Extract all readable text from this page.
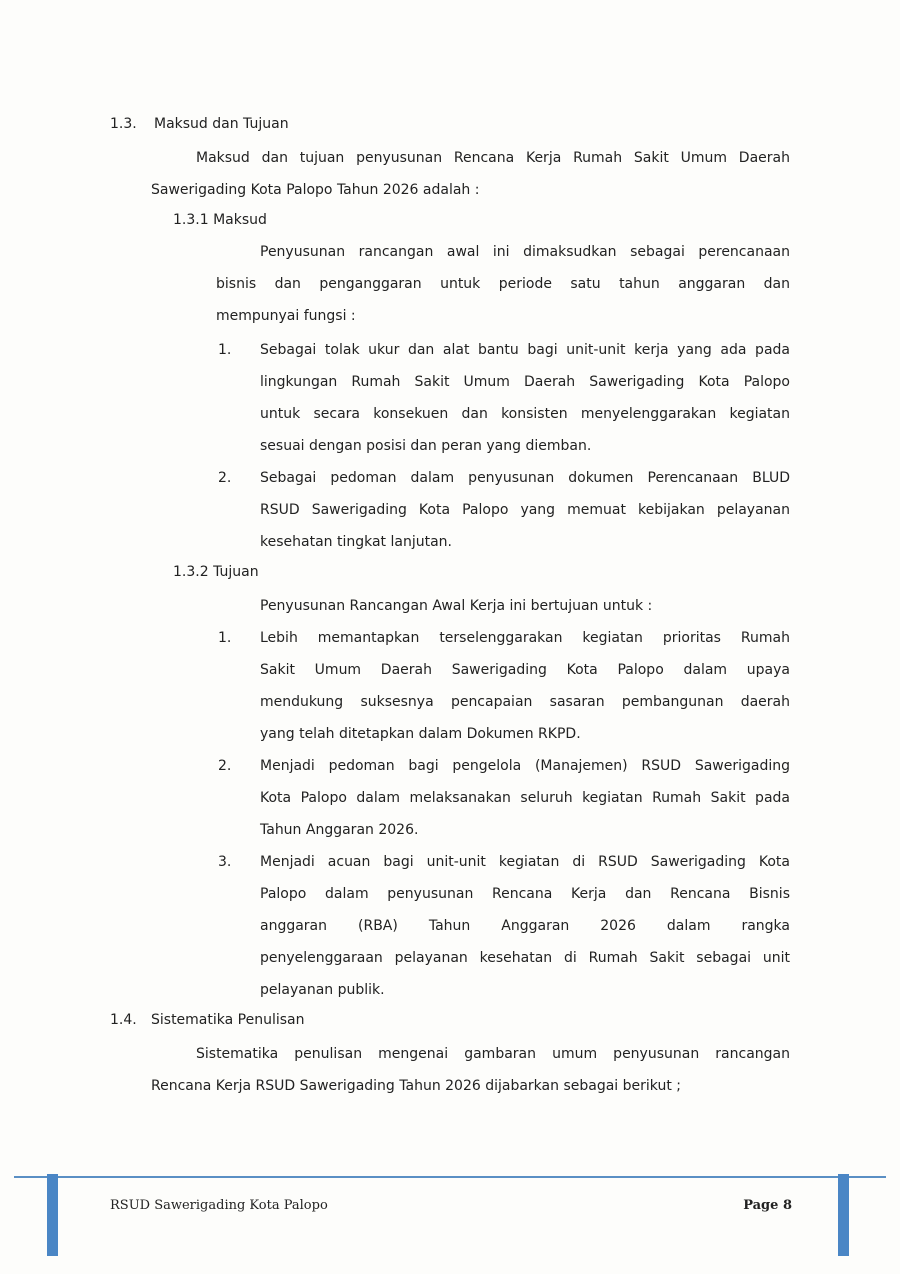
1.3. Maksud dan Tujuan
Maksud dan tujuan penyusunan Rencana Kerja Rumah Sakit Umum Daerah
Sawerigading Kota Palopo Tahun 2026 adalah :
1.3.1 Maksud
Penyusunan rancangan awal ini dimaksudkan sebagai perencanaan
bisnis dan penganggaran untuk periode satu tahun anggaran dan
mempunyai fungsi :
1. Sebagai tolak ukur dan alat bantu bagi unit-unit kerja yang ada pada
lingkungan Rumah Sakit Umum Daerah Sawerigading Kota Palopo
untuk secara konsekuen dan konsisten menyelenggarakan kegiatan
sesuai dengan posisi dan peran yang diemban.
2. Sebagai pedoman dalam penyusunan dokumen Perencanaan BLUD
RSUD Sawerigading Kota Palopo yang memuat kebijakan pelayanan
kesehatan tingkat lanjutan.
1.3.2 Tujuan
Penyusunan Rancangan Awal Kerja ini bertujuan untuk :
1. Lebih memantapkan terselenggarakan kegiatan prioritas Rumah
Sakit Umum Daerah Sawerigading Kota Palopo dalam upaya
mendukung suksesnya pencapaian sasaran pembangunan daerah
yang telah ditetapkan dalam Dokumen RKPD.
2. Menjadi pedoman bagi pengelola (Manajemen) RSUD Sawerigading
Kota Palopo dalam melaksanakan seluruh kegiatan Rumah Sakit pada
Tahun Anggaran 2026.
3. Menjadi acuan bagi unit-unit kegiatan di RSUD Sawerigading Kota
Palopo dalam penyusunan Rencana Kerja dan Rencana Bisnis
anggaran (RBA) Tahun Anggaran 2026 dalam rangka
penyelenggaraan pelayanan kesehatan di Rumah Sakit sebagai unit
pelayanan publik.
1.4. Sistematika Penulisan
Sistematika penulisan mengenai gambaran umum penyusunan rancangan
Rencana Kerja RSUD Sawerigading Tahun 2026 dijabarkan sebagai berikut ;
RSUD Sawerigading Kota Palopo	Page 8
